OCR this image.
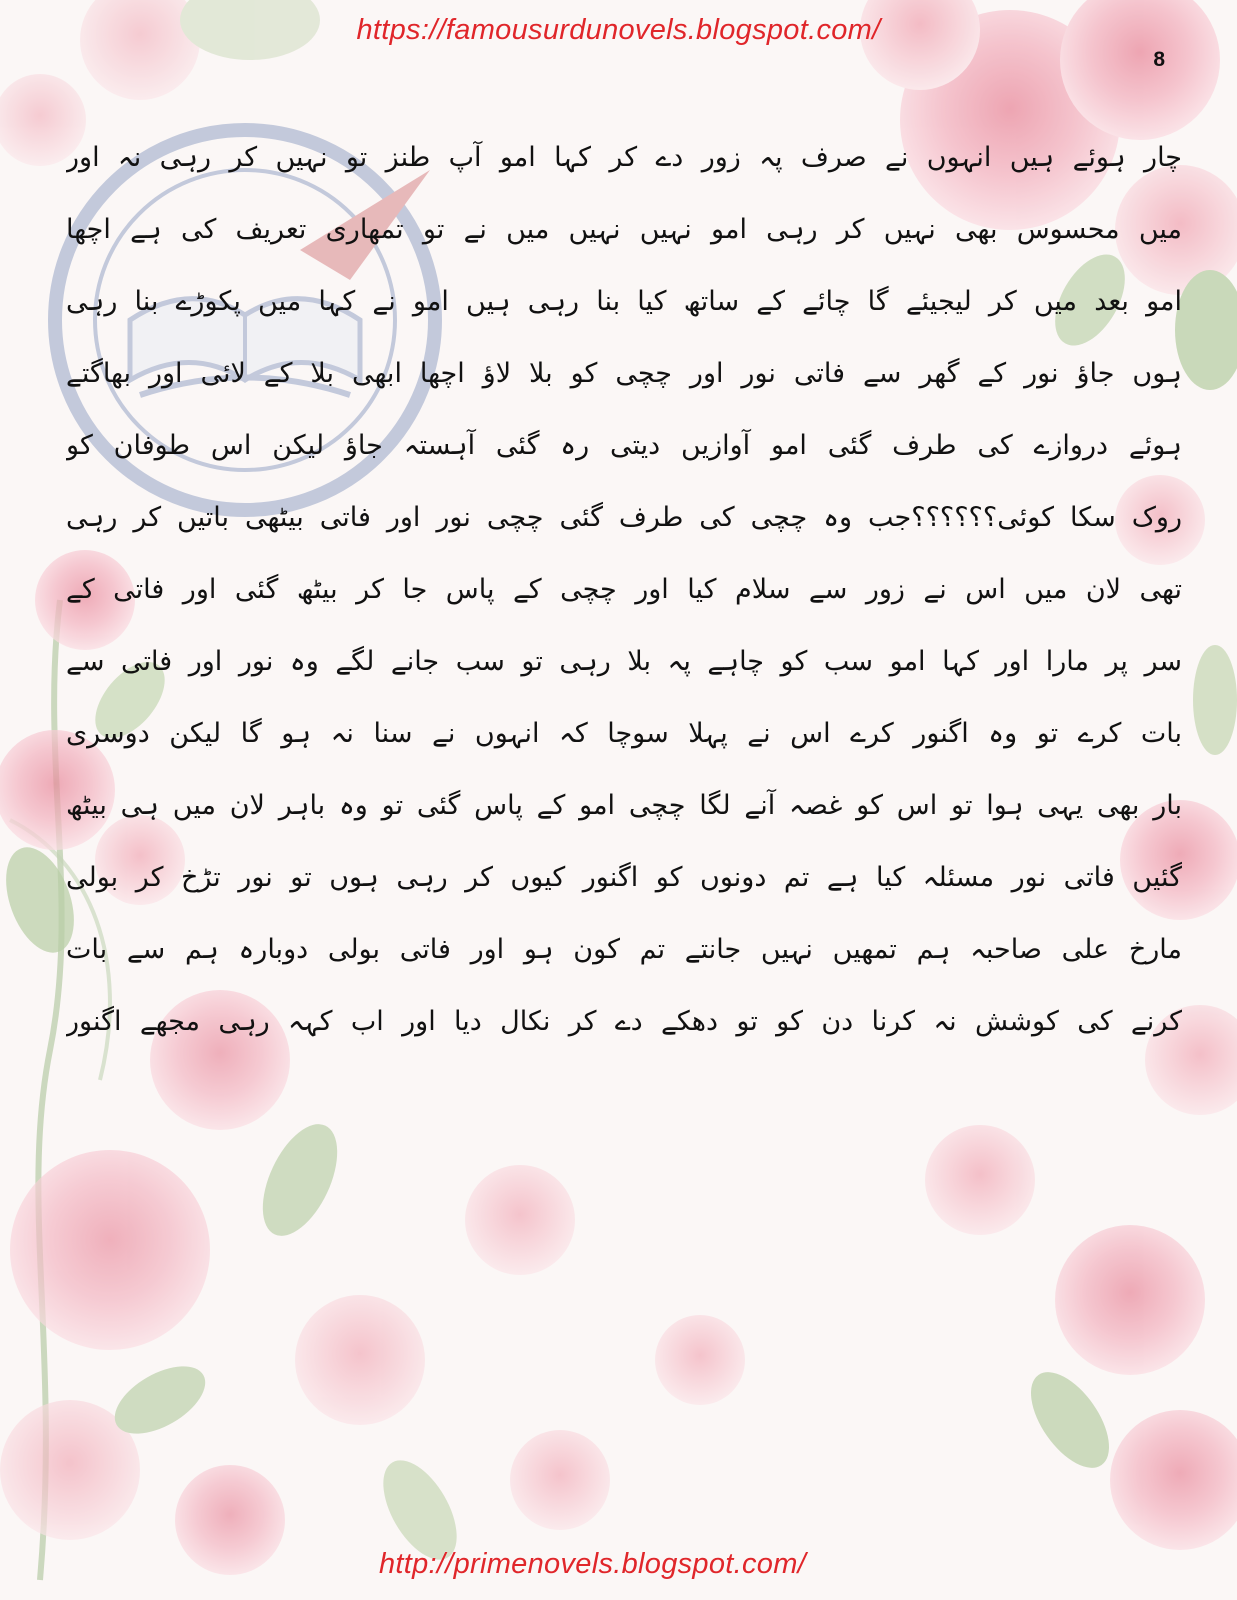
https://famousurdunovels.blogspot.com/
8
چار ہوئے ہیں انہوں نے صرف پہ زور دے کر کہا امو آپ طنز تو نہیں کر رہی نہ اور
میں محسوس بھی نہیں کر رہی امو نہیں نہیں میں نے تو تمھاری تعریف کی ہے اچھا
امو بعد میں کر لیجیئے گا چائے کے ساتھ کیا بنا رہی ہیں امو نے کہا میں پکوڑے بنا رہی
ہوں جاؤ نور کے گھر سے فاتی نور اور چچی کو بلا لاؤ اچھا ابھی بلا کے لائی اور بھاگتے
ہوئے دروازے کی طرف گئی امو آوازیں دیتی رہ گئی آہستہ جاؤ لیکن اس طوفان کو
روک سکا کوئی؟؟؟؟؟؟جب وہ چچی کی طرف گئی چچی نور اور فاتی بیٹھی باتیں کر رہی
تھی لان میں اس نے زور سے سلام کیا اور چچی کے پاس جا کر بیٹھ گئی اور فاتی کے
سر پر مارا اور کہا امو سب کو چاہے پہ بلا رہی تو سب جانے لگے وہ نور اور فاتی سے
بات کرے تو وہ اگنور کرے اس نے پہلا سوچا کہ انہوں نے سنا نہ ہو گا لیکن دوسری
بار بھی یہی ہوا تو اس کو غصہ آنے لگا چچی امو کے پاس گئی تو وہ باہر لان میں ہی بیٹھ
گئیں فاتی نور مسئلہ کیا ہے تم دونوں کو اگنور کیوں کر رہی ہوں تو نور تڑخ کر بولی
مارخ علی صاحبہ ہم تمھیں نہیں جانتے تم کون ہو اور فاتی بولی دوبارہ ہم سے بات
کرنے کی کوشش نہ کرنا دن کو تو دھکے دے کر نکال دیا اور اب کہہ رہی مجھے اگنور
http://primenovels.blogspot.com/
